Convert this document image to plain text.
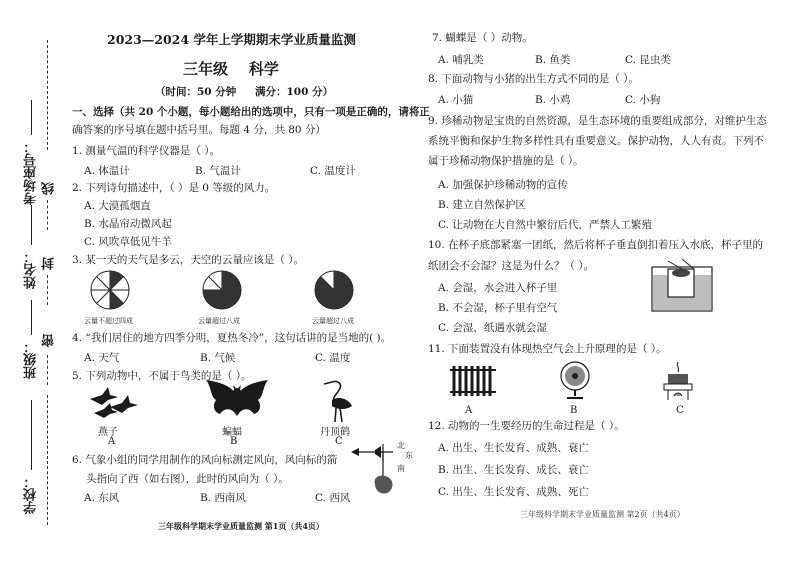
考场座号： 线
姓名： 封
班级：
密
学校：
2023—2024 学年上学期期末学业质量监测
三年级    科学
（时间：50 分钟 满分：100 分）
一、选择（共 20 个小题，每小题给出的选项中，只有一项是正确的，请将正
确答案的序号填在题中括号里。每题 4 分，共 80 分）
1. 测量气温的科学仪器是（ ）。
A. 体温计	B. 气温计	C. 温度计
2. 下列诗句描述中，（ ）是 0 等级的风力。
A. 大漠孤烟直
B. 水晶帘动微风起
C. 风吹草低见牛羊
3. 某一天的天气是多云，天空的云量应该是（ ）。
云量不超过四成	云量超过八成	云量超过八成
4. “我们居住的地方四季分明，夏热冬冷”，这句话讲的是当地的( )。
A. 天气	B. 气候	C. 温度
5. 下列动物中，不属于鸟类的是（ ）。
燕子	蝙蝠	丹顶鹤
A	B	C
6. 气象小组的同学用制作的风向标测定风向，风向标的箭
头指向了西（如右图），此时的风向为（ ）。
A. 东风	B. 西南风	C. 西风
北
东
南
三年级科学期末学业质量监测 第1页（共4页）
7. 蝴蝶是（ ）动物。
A. 哺乳类	B. 鱼类	C. 昆虫类
8. 下面动物与小猪的出生方式不同的是（ ）。
A. 小猫	B. 小鸡	C. 小狗
9. 珍稀动物是宝贵的自然资源，是生态环境的重要组成部分，对维护生态
系统平衡和保护生物多样性具有重要意义。保护动物，人人有责。下列不
属于珍稀动物保护措施的是（ ）。
A. 加强保护珍稀动物的宣传
B. 建立自然保护区
C. 让动物在大自然中繁衍后代，严禁人工繁殖
10. 在杯子底部紧塞一团纸，然后将杯子垂直倒扣着压入水底，杯子里的
纸团会不会湿？这是为什么？（ ）。
A. 会湿，水会进入杯子里
B. 不会湿，杯子里有空气
C. 会湿，纸遇水就会湿
11. 下面装置没有体现热空气会上升原理的是（ ）。
A	B	C
12. 动物的一生要经历的生命过程是（ ）。
A. 出生、生长发育、成熟、衰亡
B. 出生、生长发育、成长、衰亡
C. 出生、生长发育、成熟、死亡
三年级科学期末学业质量监测 第2页（共4页）
